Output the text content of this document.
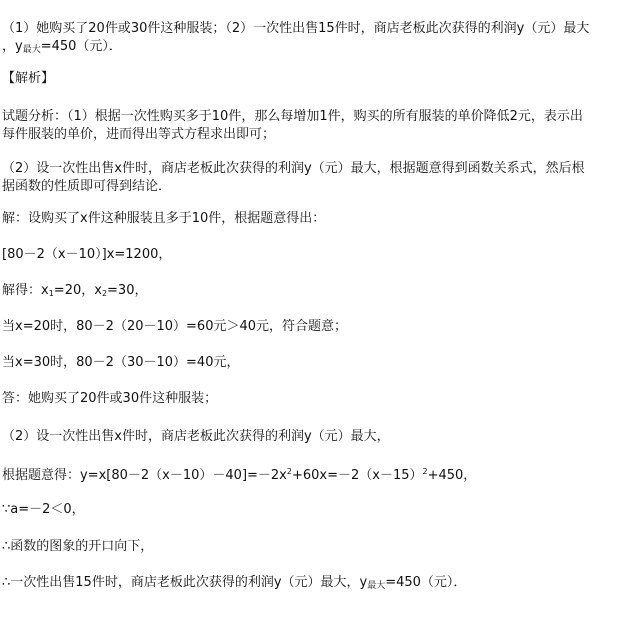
（1）她购买了20件或30件这种服装；（2）一次性出售15件时，商店老板此次获得的利润y（元）最大
，$y_{最大}=450$（元）．
【解析】
试题分析：（1）根据一次性购买多于10件，那么每增加1件，购买的所有服装的单价降低2元，表示出
每件服装的单价，进而得出等式方程求出即可；
（2）设一次性出售x件时，商店老板此次获得的利润y（元）最大，根据题意得到函数关系式，然后根
据函数的性质即可得到结论．
解：设购买了x件这种服装且多于10件，根据题意得出：
[80－2（x－10）]x=1200，
解得：$x_1=20$，$x_2=30$，
当x=20时，80－2（20－10）=60元＞40元，符合题意；
当x=30时，80－2（30－10）=40元，
答：她购买了20件或30件这种服装；
（2）设一次性出售x件时，商店老板此次获得的利润y（元）最大，
根据题意得：$y=x[80-2(x-10)-40]=-2x^2+60x=-2(x-15)^2+450$，
∵a=－2＜0，
∴函数的图象的开口向下，
∴一次性出售15件时，商店老板此次获得的利润y（元）最大，$y_{最大}=450$（元）．
